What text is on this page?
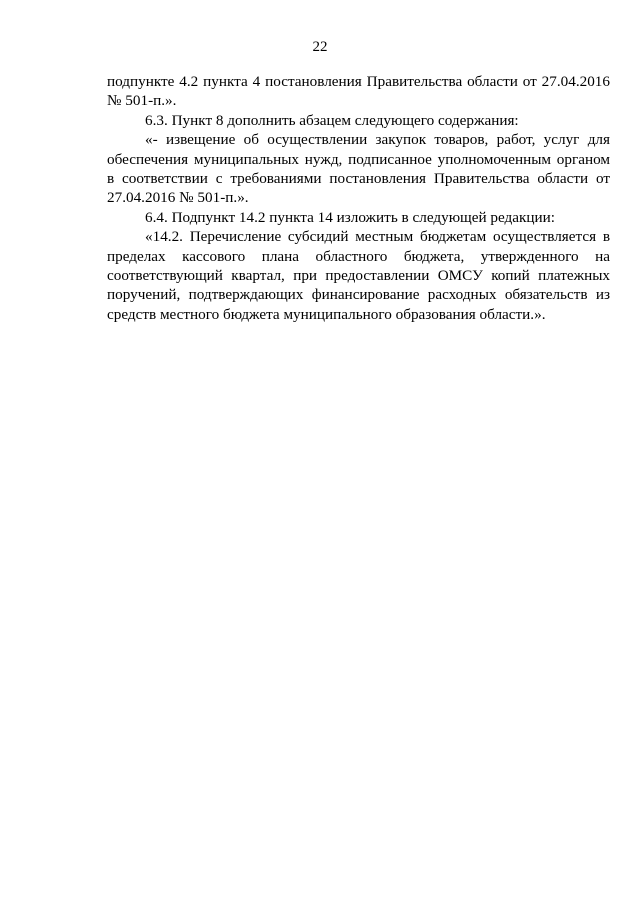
22

подпункте 4.2 пункта 4 постановления Правительства области от 27.04.2016 № 501-п.».

6.3. Пункт 8 дополнить абзацем следующего содержания:

«- извещение об осуществлении закупок товаров, работ, услуг для обеспечения муниципальных нужд, подписанное уполномоченным органом в соответствии с требованиями постановления Правительства области от 27.04.2016 № 501-п.».

6.4. Подпункт 14.2 пункта 14 изложить в следующей редакции:

«14.2. Перечисление субсидий местным бюджетам осуществляется в пределах кассового плана областного бюджета, утвержденного на соответствующий квартал, при предоставлении ОМСУ копий платежных поручений, подтверждающих финансирование расходных обязательств из средств местного бюджета муниципального образования области.».
